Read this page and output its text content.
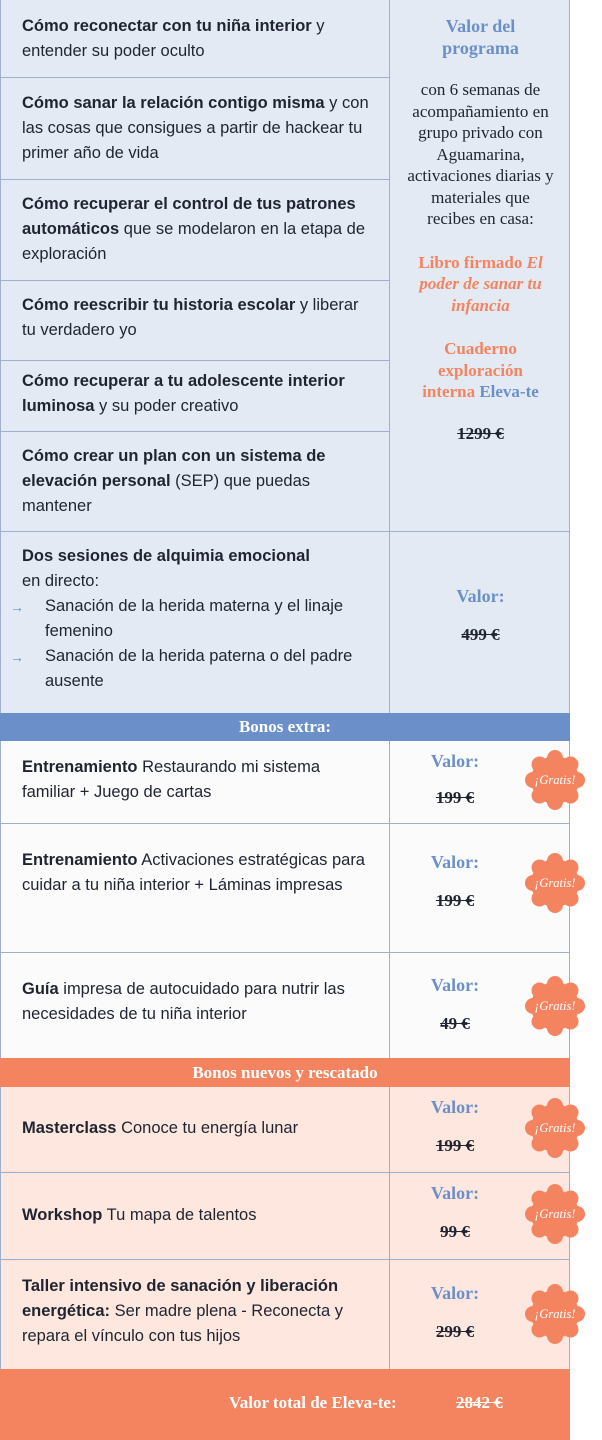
Cómo reconectar con tu niña interior y entender su poder oculto
Cómo sanar la relación contigo misma y con las cosas que consigues a partir de hackear tu primer año de vida
Cómo recuperar el control de tus patrones automáticos que se modelaron en la etapa de exploración
Cómo reescribir tu historia escolar y liberar tu verdadero yo
Cómo recuperar a tu adolescente interior luminosa y su poder creativo
Cómo crear un plan con un sistema de elevación personal (SEP) que puedas mantener
Valor del programa
con 6 semanas de acompañamiento en grupo privado con Aguamarina, activaciones diarias y materiales que recibes en casa:
Libro firmado El poder de sanar tu infancia
Cuaderno exploración interna Eleva-te
1299 €
Dos sesiones de alquimia emocional
en directo:
→ Sanación de la herida materna y el linaje femenino
→ Sanación de la herida paterna o del padre ausente
Valor:
499 €
Bonos extra:
Entrenamiento Restaurando mi sistema familiar + Juego de cartas
Valor:
199 €
¡Gratis!
Entrenamiento Activaciones estratégicas para cuidar a tu niña interior + Láminas impresas
Valor:
199 €
¡Gratis!
Guía impresa de autocuidado para nutrir las necesidades de tu niña interior
Valor:
49 €
¡Gratis!
Bonos nuevos y rescatado
Masterclass Conoce tu energía lunar
Valor:
199 €
¡Gratis!
Workshop Tu mapa de talentos
Valor:
99 €
¡Gratis!
Taller intensivo de sanación y liberación energética: Ser madre plena - Reconecta y repara el vínculo con tus hijos
Valor:
299 €
¡Gratis!
Valor total de Eleva-te:	2842 €
